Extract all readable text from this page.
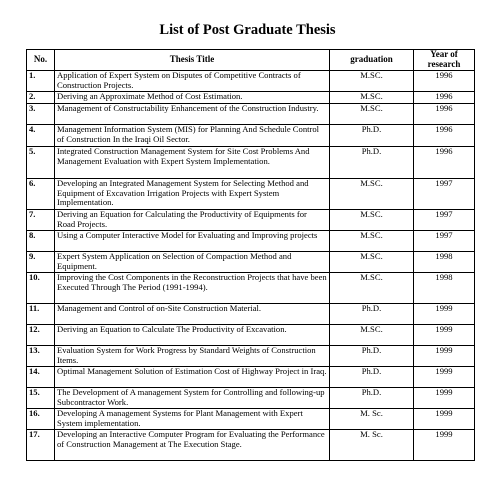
List of Post Graduate Thesis
No.	Thesis Title	graduation	Year of research
1.	Application of Expert System on Disputes of Competitive Contracts of Construction Projects.	M.SC.	1996
2.	Deriving an Approximate Method of Cost Estimation.	M.SC.	1996
3.	Management of Constructability Enhancement of the Construction Industry.	M.SC.	1996
4.	Management Information System (MIS) for Planning And Schedule Control of Construction In the Iraqi Oil Sector.	Ph.D.	1996
5.	Integrated Construction Management System for Site Cost Problems And Management Evaluation with Expert System Implementation.	Ph.D.	1996
6.	Developing an Integrated Management System for Selecting Method and Equipment of Excavation Irrigation Projects with Expert System Implementation.	M.SC.	1997
7.	Deriving an Equation for Calculating the Productivity of Equipments for Road Projects.	M.SC.	1997
8.	Using a Computer Interactive Model for Evaluating and Improving projects	M.SC.	1997
9.	Expert System Application on Selection of Compaction Method and Equipment.	M.SC.	1998
10.	Improving the Cost Components in the Reconstruction Projects that have been Executed Through The Period (1991-1994).	M.SC.	1998
11.	Management and Control of on-Site Construction Material.	Ph.D.	1999
12.	Deriving an Equation to Calculate The Productivity of Excavation.	M.SC.	1999
13.	Evaluation System for Work Progress by Standard Weights of Construction Items.	Ph.D.	1999
14.	Optimal Management Solution of Estimation Cost of Highway Project in Iraq.	Ph.D.	1999
15.	The Development of A management System for Controlling and following-up Subcontractor Work.	Ph.D.	1999
16.	Developing A management Systems for Plant Management with Expert System implementation.	M. Sc.	1999
17.	Developing an Interactive Computer Program for Evaluating the Performance of Construction Management at The Execution Stage.	M. Sc.	1999
